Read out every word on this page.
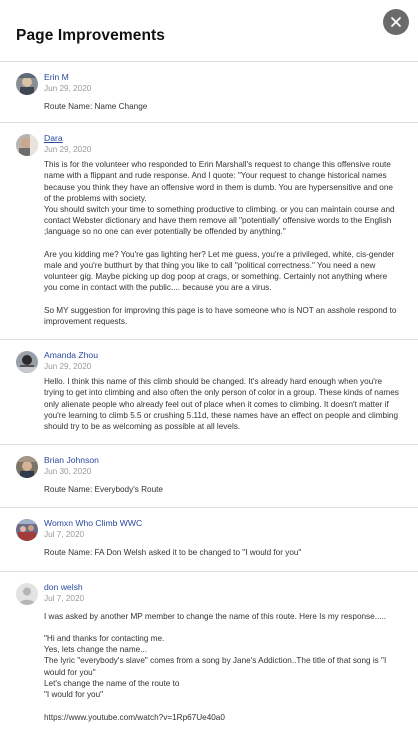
Page Improvements
Erin M
Jun 29, 2020
Route Name: Name Change
Dara
Jun 29, 2020
This is for the volunteer who responded to Erin Marshall's request to change this offensive route name with a flippant and rude response. And I quote: "Your request to change historical names because you think they have an offensive word in them is dumb. You are hypersensitive and one of the problems with society.
You should switch your time to something productive to climbing. or you can maintain course and contact Webster dictionary and have them remove all "potentially' offensive words to the English ;language so no one can ever potentially be offended by anything."

Are you kidding me? You're gas lighting her? Let me guess, you're a privileged, white, cis-gender male and you're butthurt by that thing you like to call "political correctness." You need a new volunteer gig. Maybe picking up dog poop at crags, or something. Certainly not anything where you come in contact with the public.... because you are a virus.

So MY suggestion for improving this page is to have someone who is NOT an asshole respond to improvement requests.
Amanda Zhou
Jun 29, 2020
Hello. I think this name of this climb should be changed. It's already hard enough when you're trying to get into climbing and also often the only person of color in a group. These kinds of names only alienate people who already feel out of place when it comes to climbing. It doesn't matter if you're learning to climb 5.5 or crushing 5.11d, these names have an effect on people and climbing should try to be as welcoming as possible at all levels.
Brian Johnson
Jun 30, 2020
Route Name: Everybody's Route
Womxn Who Climb WWC
Jul 7, 2020
Route Name: FA Don Welsh asked it to be changed to "I would for you"
don welsh
Jul 7, 2020
I was asked by another MP member to change the name of this route. Here Is my response.....

"Hi and thanks for contacting me.
Yes, lets change the name...
The lyric "everybody's slave" comes from a song by Jane's Addiction..The title of that song is "I would for you"
Let's change the name of the route to
"I would for you"

https://www.youtube.com/watch?v=1Rp67Ue40a0
